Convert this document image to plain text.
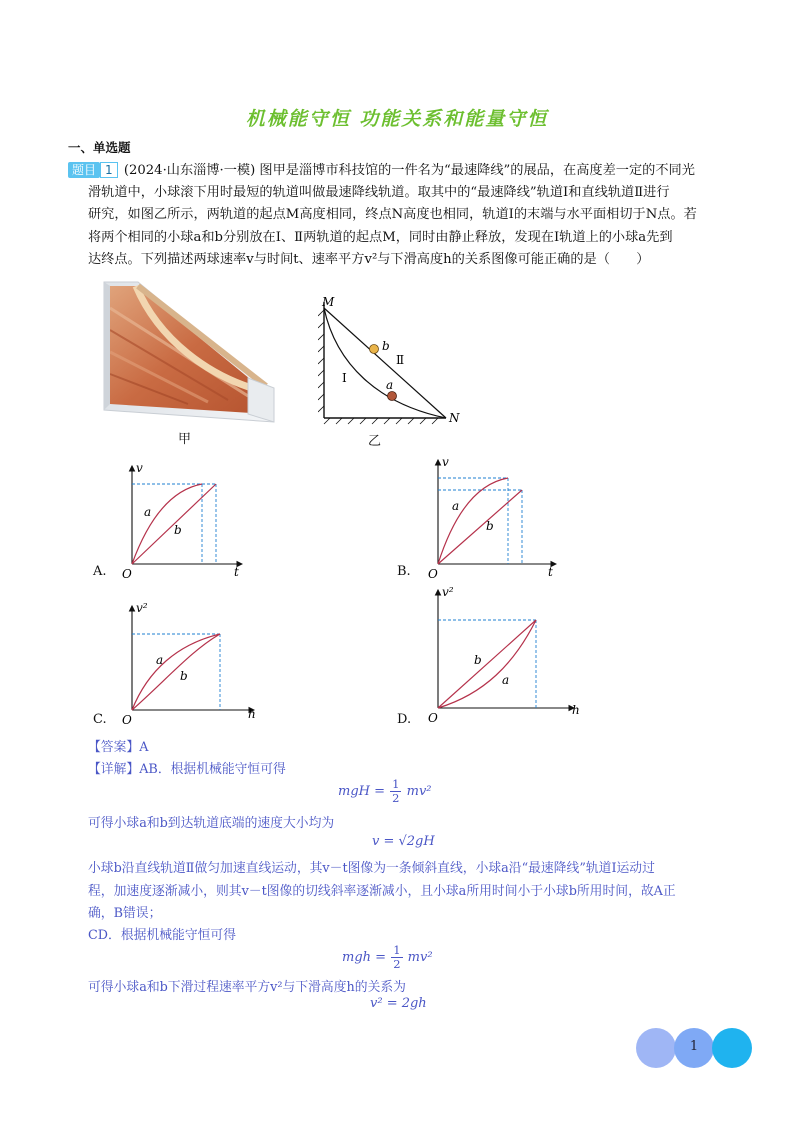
机械能守恒 功能关系和能量守恒
一、单选题
题目 1 (2024·山东淄博·一模) 图甲是淄博市科技馆的一件名为“最速降线”的展品，在高度差一定的不同光
滑轨道中，小球滚下用时最短的轨道叫做最速降线轨道。取其中的“最速降线”轨道Ⅰ和直线轨道Ⅱ进行
研究，如图乙所示，两轨道的起点M高度相同，终点N高度也相同，轨道Ⅰ的末端与水平面相切于N点。若
将两个相同的小球a和b分别放在Ⅰ、Ⅱ两轨道的起点M，同时由静止释放，发现在Ⅰ轨道上的小球a先到
达终点。下列描述两球速率v与时间t、速率平方v²与下滑高度h的关系图像可能正确的是（　　）
甲
M
N
b
a
Ⅰ
Ⅱ
乙
A.
a
b
v
t
O	B.
a
b
v
t
O
C.
a
b
v²
h
O	D.
b
a
v²
h
O
【答案】A
【详解】AB．根据机械能守恒可得
mgH = $\frac{1}{2} mv^2$
可得小球a和b到达轨道底端的速度大小均为
v = √2gH
小球b沿直线轨道Ⅱ做匀加速直线运动，其v－t图像为一条倾斜直线，小球a沿“最速降线”轨道Ⅰ运动过
程，加速度逐渐减小，则其v－t图像的切线斜率逐渐减小，且小球a所用时间小于小球b所用时间，故A正
确，B错误；
CD．根据机械能守恒可得
mgh = $\frac{1}{2} mv^2$
可得小球a和b下滑过程速率平方v²与下滑高度h的关系为
v² = 2gh
1
